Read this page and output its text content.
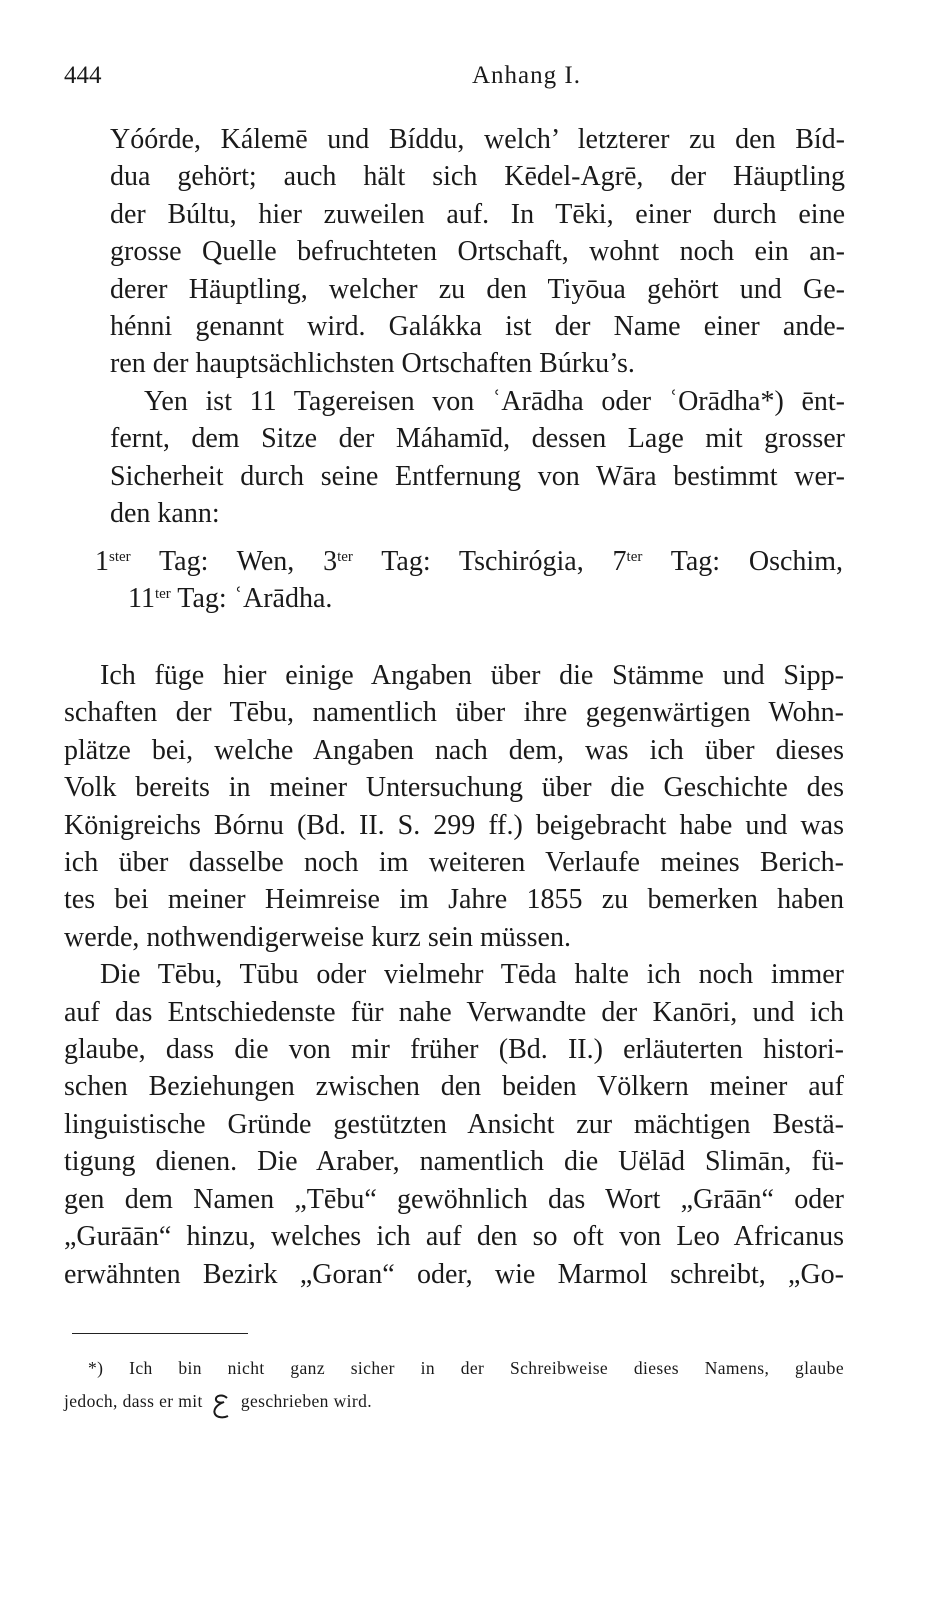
444	Anhang I.
Yóórde, Kálemē und Bíddu, welch’ letzterer zu den Bíd-
dua gehört; auch hält sich Kēdel-Agrē, der Häuptling
der Búltu, hier zuweilen auf. In Tēki, einer durch eine
grosse Quelle befruchteten Ortschaft, wohnt noch ein an-
derer Häuptling, welcher zu den Tiyōua gehört und Ge-
hénni genannt wird. Galákka ist der Name einer ande-
ren der hauptsächlichsten Ortschaften Búrku’s.
Yen ist 11 Tagereisen von ʿArādha oder ʿOrādha*) ēnt-
fernt, dem Sitze der Máhamīd, dessen Lage mit grosser
Sicherheit durch seine Entfernung von Wāra bestimmt wer-
den kann:
$1^{ster}$ Tag: Wen, $3^{ter}$ Tag: Tschirógia, $7^{ter}$ Tag: Oschim,
$11^{ter}$ Tag: ʿArādha.
Ich füge hier einige Angaben über die Stämme und Sipp-
schaften der Tēbu, namentlich über ihre gegenwärtigen Wohn-
plätze bei, welche Angaben nach dem, was ich über dieses
Volk bereits in meiner Untersuchung über die Geschichte des
Königreichs Bórnu (Bd. II. S. 299 ff.) beigebracht habe und was
ich über dasselbe noch im weiteren Verlaufe meines Berich-
tes bei meiner Heimreise im Jahre 1855 zu bemerken haben
werde, nothwendigerweise kurz sein müssen.
Die Tēbu, Tūbu oder vielmehr Tēda halte ich noch immer
auf das Entschiedenste für nahe Verwandte der Kanōri, und ich
glaube, dass die von mir früher (Bd. II.) erläuterten histori-
schen Beziehungen zwischen den beiden Völkern meiner auf
linguistische Gründe gestützten Ansicht zur mächtigen Bestä-
tigung dienen. Die Araber, namentlich die Uëlād Slimān, fü-
gen dem Namen „Tēbu“ gewöhnlich das Wort „Grāān“ oder
„Gurāān“ hinzu, welches ich auf den so oft von Leo Africanus
erwähnten Bezirk „Goran“ oder, wie Marmol schreibt, „Go-
*) Ich bin nicht ganz sicher in der Schreibweise dieses Namens, glaube
jedoch, dass er mit geschrieben wird.
